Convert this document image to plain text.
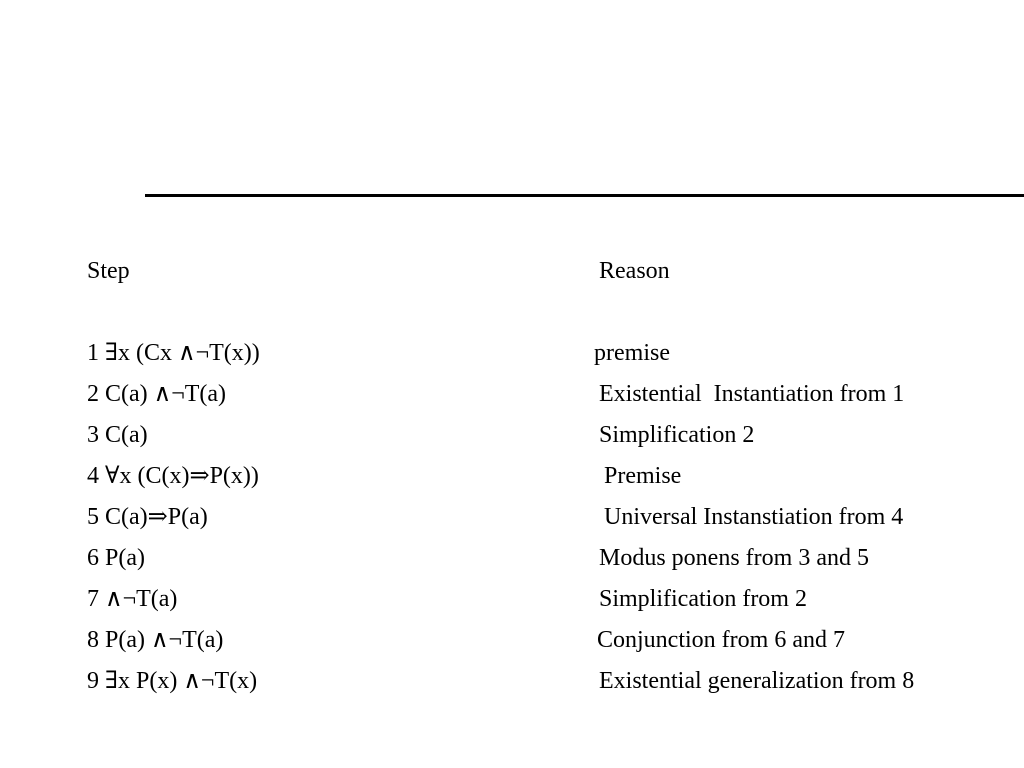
Step	Reason
1 ∃x (Cx ∧¬T(x))	premise
2 C(a) ∧¬T(a)	Existential  Instantiation from 1
3 C(a)	Simplification 2
4 ∀x (C(x)⇒P(x))	Premise
5 C(a)⇒P(a)	Universal Instanstiation from 4
6 P(a)	Modus ponens from 3 and 5
7 ∧¬T(a)	Simplification from 2
8 P(a) ∧¬T(a)	Conjunction from 6 and 7
9 ∃x P(x) ∧¬T(x)	Existential generalization from 8
